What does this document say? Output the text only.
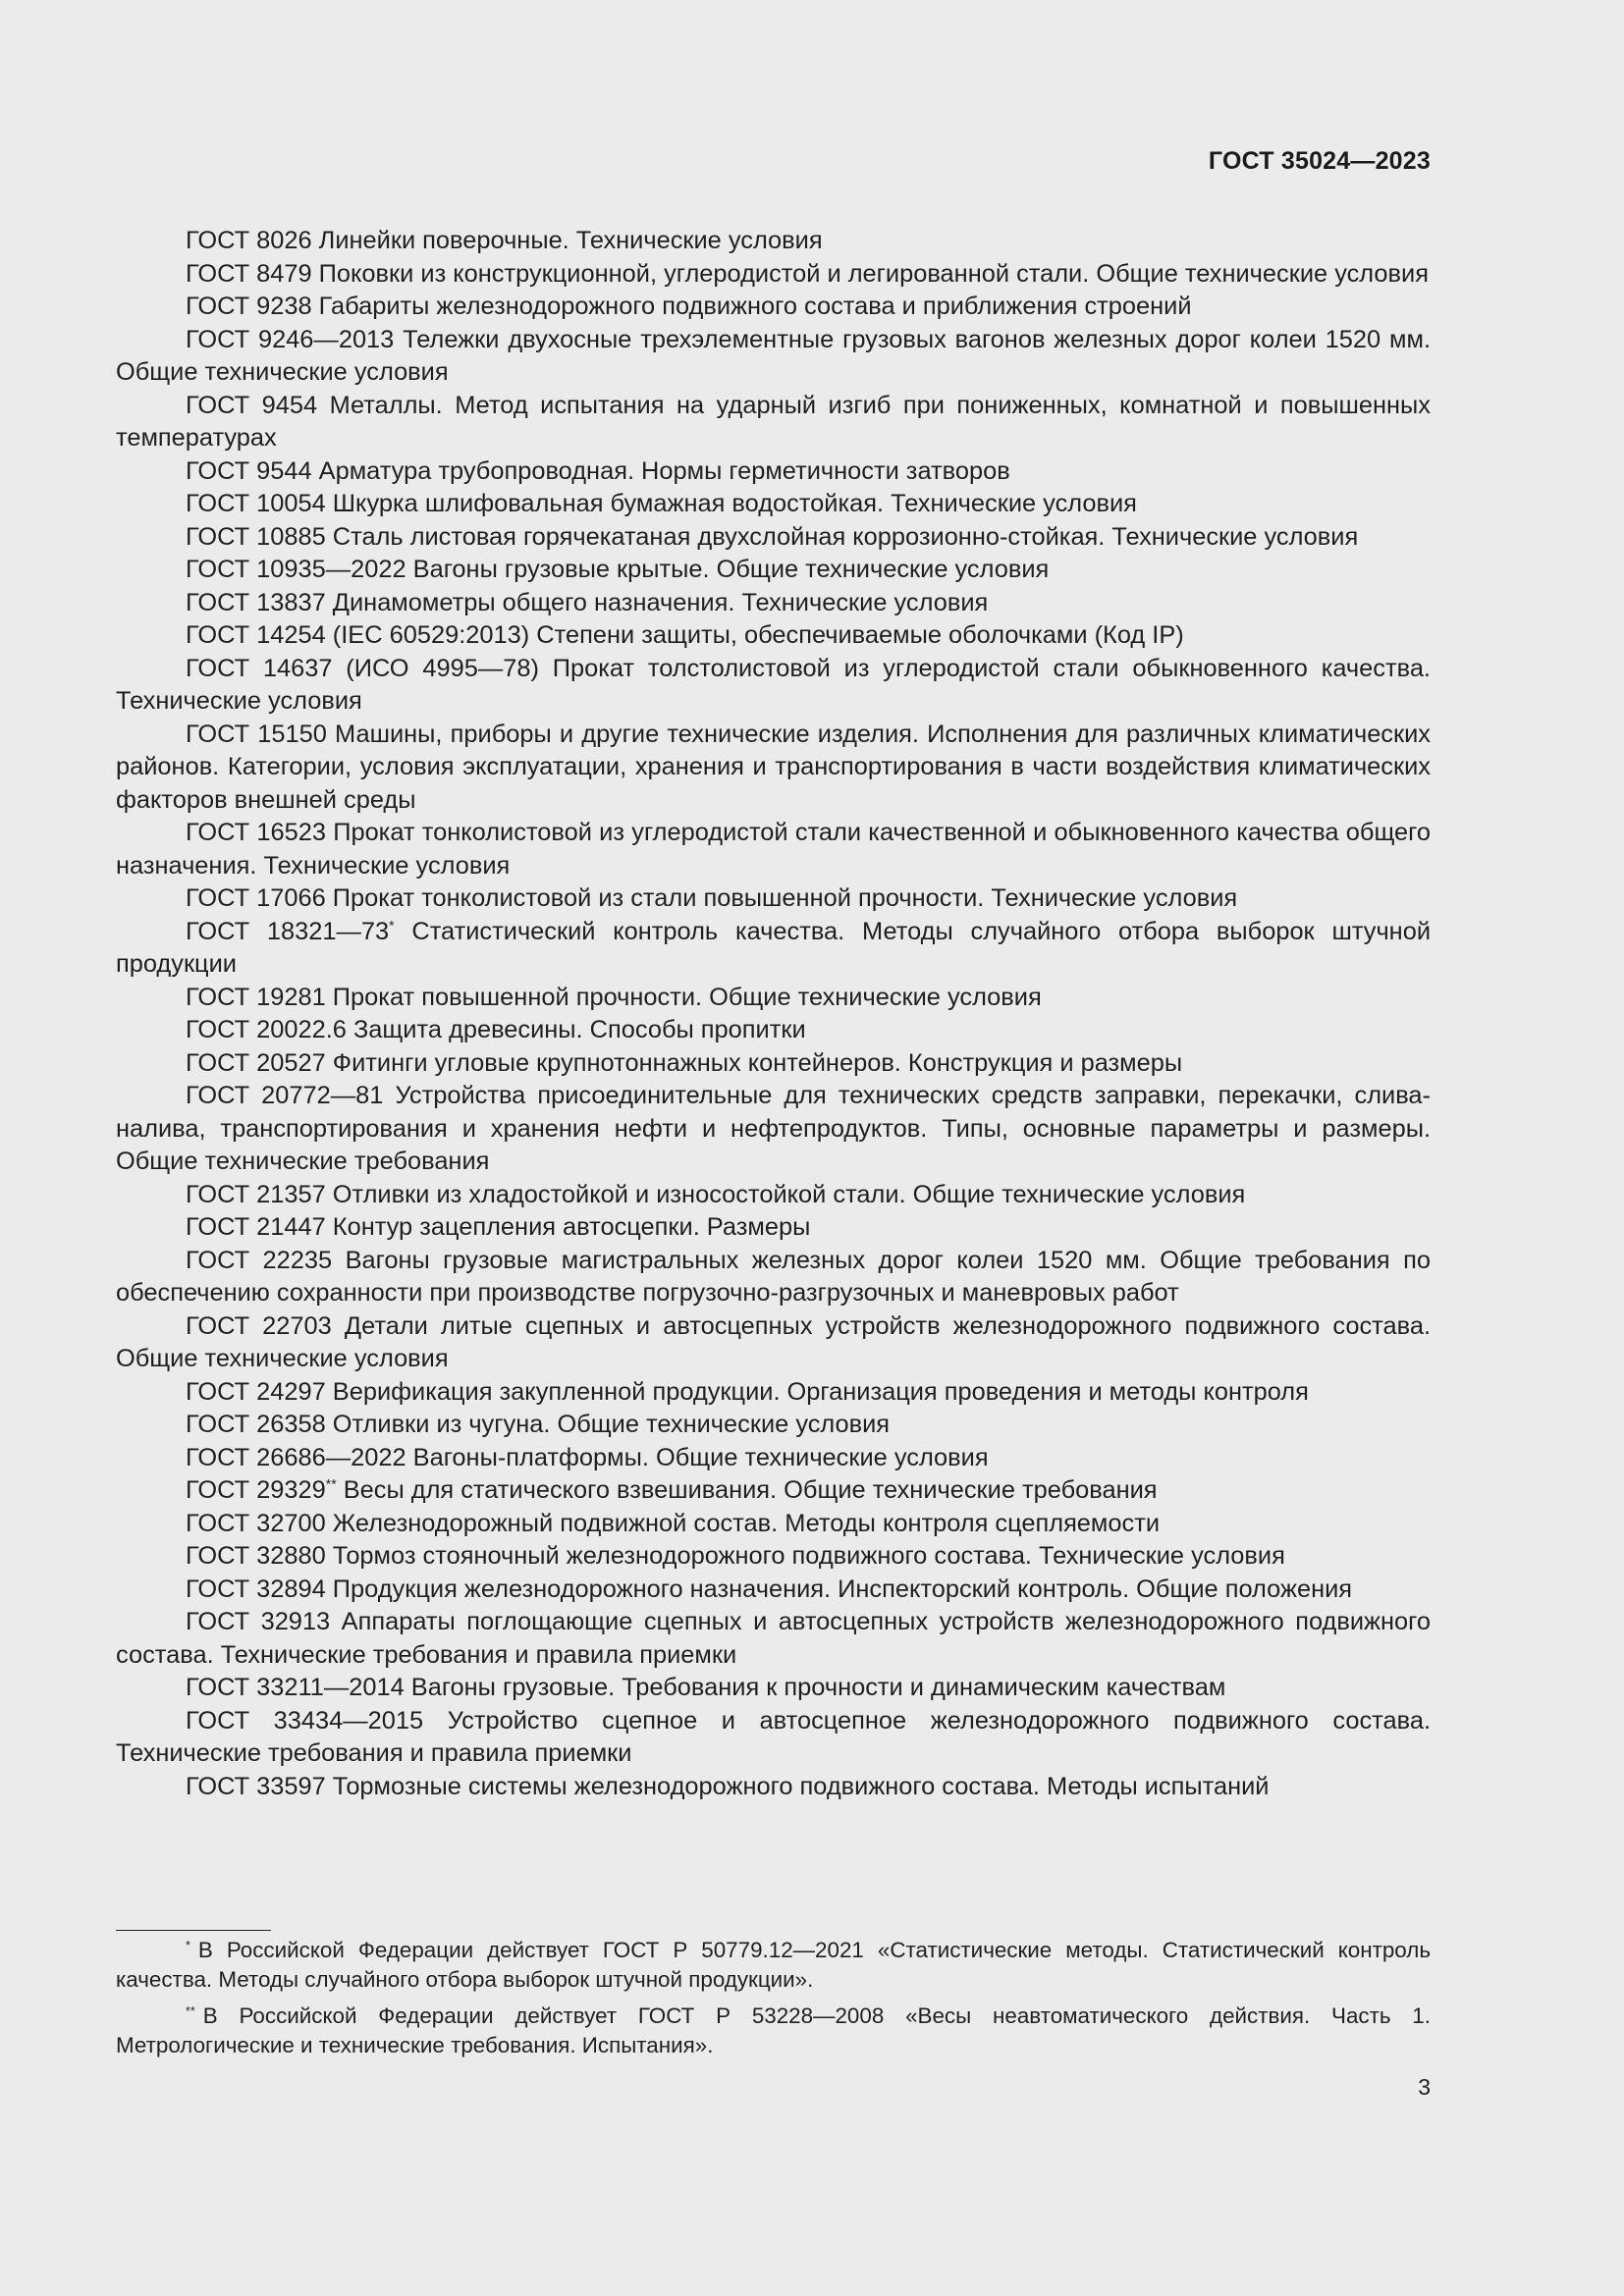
ГОСТ 35024—2023

ГОСТ 8026 Линейки поверочные. Технические условия

ГОСТ 8479 Поковки из конструкционной, углеродистой и легированной стали. Общие технические условия

ГОСТ 9238 Габариты железнодорожного подвижного состава и приближения строений

ГОСТ 9246—2013 Тележки двухосные трехэлементные грузовых вагонов железных дорог колеи 1520 мм. Общие технические условия

ГОСТ 9454 Металлы. Метод испытания на ударный изгиб при пониженных, комнатной и повышенных температурах

ГОСТ 9544 Арматура трубопроводная. Нормы герметичности затворов

ГОСТ 10054 Шкурка шлифовальная бумажная водостойкая. Технические условия

ГОСТ 10885 Сталь листовая горячекатаная двухслойная коррозионно-стойкая. Технические условия

ГОСТ 10935—2022 Вагоны грузовые крытые. Общие технические условия

ГОСТ 13837 Динамометры общего назначения. Технические условия

ГОСТ 14254 (IEC 60529:2013) Степени защиты, обеспечиваемые оболочками (Код IP)

ГОСТ 14637 (ИСО 4995—78) Прокат толстолистовой из углеродистой стали обыкновенного качества. Технические условия

ГОСТ 15150 Машины, приборы и другие технические изделия. Исполнения для различных климатических районов. Категории, условия эксплуатации, хранения и транспортирования в части воздействия климатических факторов внешней среды

ГОСТ 16523 Прокат тонколистовой из углеродистой стали качественной и обыкновенного качества общего назначения. Технические условия

ГОСТ 17066 Прокат тонколистовой из стали повышенной прочности. Технические условия

ГОСТ 18321—73* Статистический контроль качества. Методы случайного отбора выборок штучной продукции

ГОСТ 19281 Прокат повышенной прочности. Общие технические условия

ГОСТ 20022.6 Защита древесины. Способы пропитки

ГОСТ 20527 Фитинги угловые крупнотоннажных контейнеров. Конструкция и размеры

ГОСТ 20772—81 Устройства присоединительные для технических средств заправки, перекачки, слива-налива, транспортирования и хранения нефти и нефтепродуктов. Типы, основные параметры и размеры. Общие технические требования

ГОСТ 21357 Отливки из хладостойкой и износостойкой стали. Общие технические условия

ГОСТ 21447 Контур зацепления автосцепки. Размеры

ГОСТ 22235 Вагоны грузовые магистральных железных дорог колеи 1520 мм. Общие требования по обеспечению сохранности при производстве погрузочно-разгрузочных и маневровых работ

ГОСТ 22703 Детали литые сцепных и автосцепных устройств железнодорожного подвижного состава. Общие технические условия

ГОСТ 24297 Верификация закупленной продукции. Организация проведения и методы контроля

ГОСТ 26358 Отливки из чугуна. Общие технические условия

ГОСТ 26686—2022 Вагоны-платформы. Общие технические условия

ГОСТ 29329** Весы для статического взвешивания. Общие технические требования

ГОСТ 32700 Железнодорожный подвижной состав. Методы контроля сцепляемости

ГОСТ 32880 Тормоз стояночный железнодорожного подвижного состава. Технические условия

ГОСТ 32894 Продукция железнодорожного назначения. Инспекторский контроль. Общие положения

ГОСТ 32913 Аппараты поглощающие сцепных и автосцепных устройств железнодорожного подвижного состава. Технические требования и правила приемки

ГОСТ 33211—2014 Вагоны грузовые. Требования к прочности и динамическим качествам

ГОСТ 33434—2015 Устройство сцепное и автосцепное железнодорожного подвижного состава. Технические требования и правила приемки

ГОСТ 33597 Тормозные системы железнодорожного подвижного состава. Методы испытаний

* В Российской Федерации действует ГОСТ Р 50779.12—2021 «Статистические методы. Статистический контроль качества. Методы случайного отбора выборок штучной продукции».

** В Российской Федерации действует ГОСТ Р 53228—2008 «Весы неавтоматического действия. Часть 1. Метрологические и технические требования. Испытания».

3
